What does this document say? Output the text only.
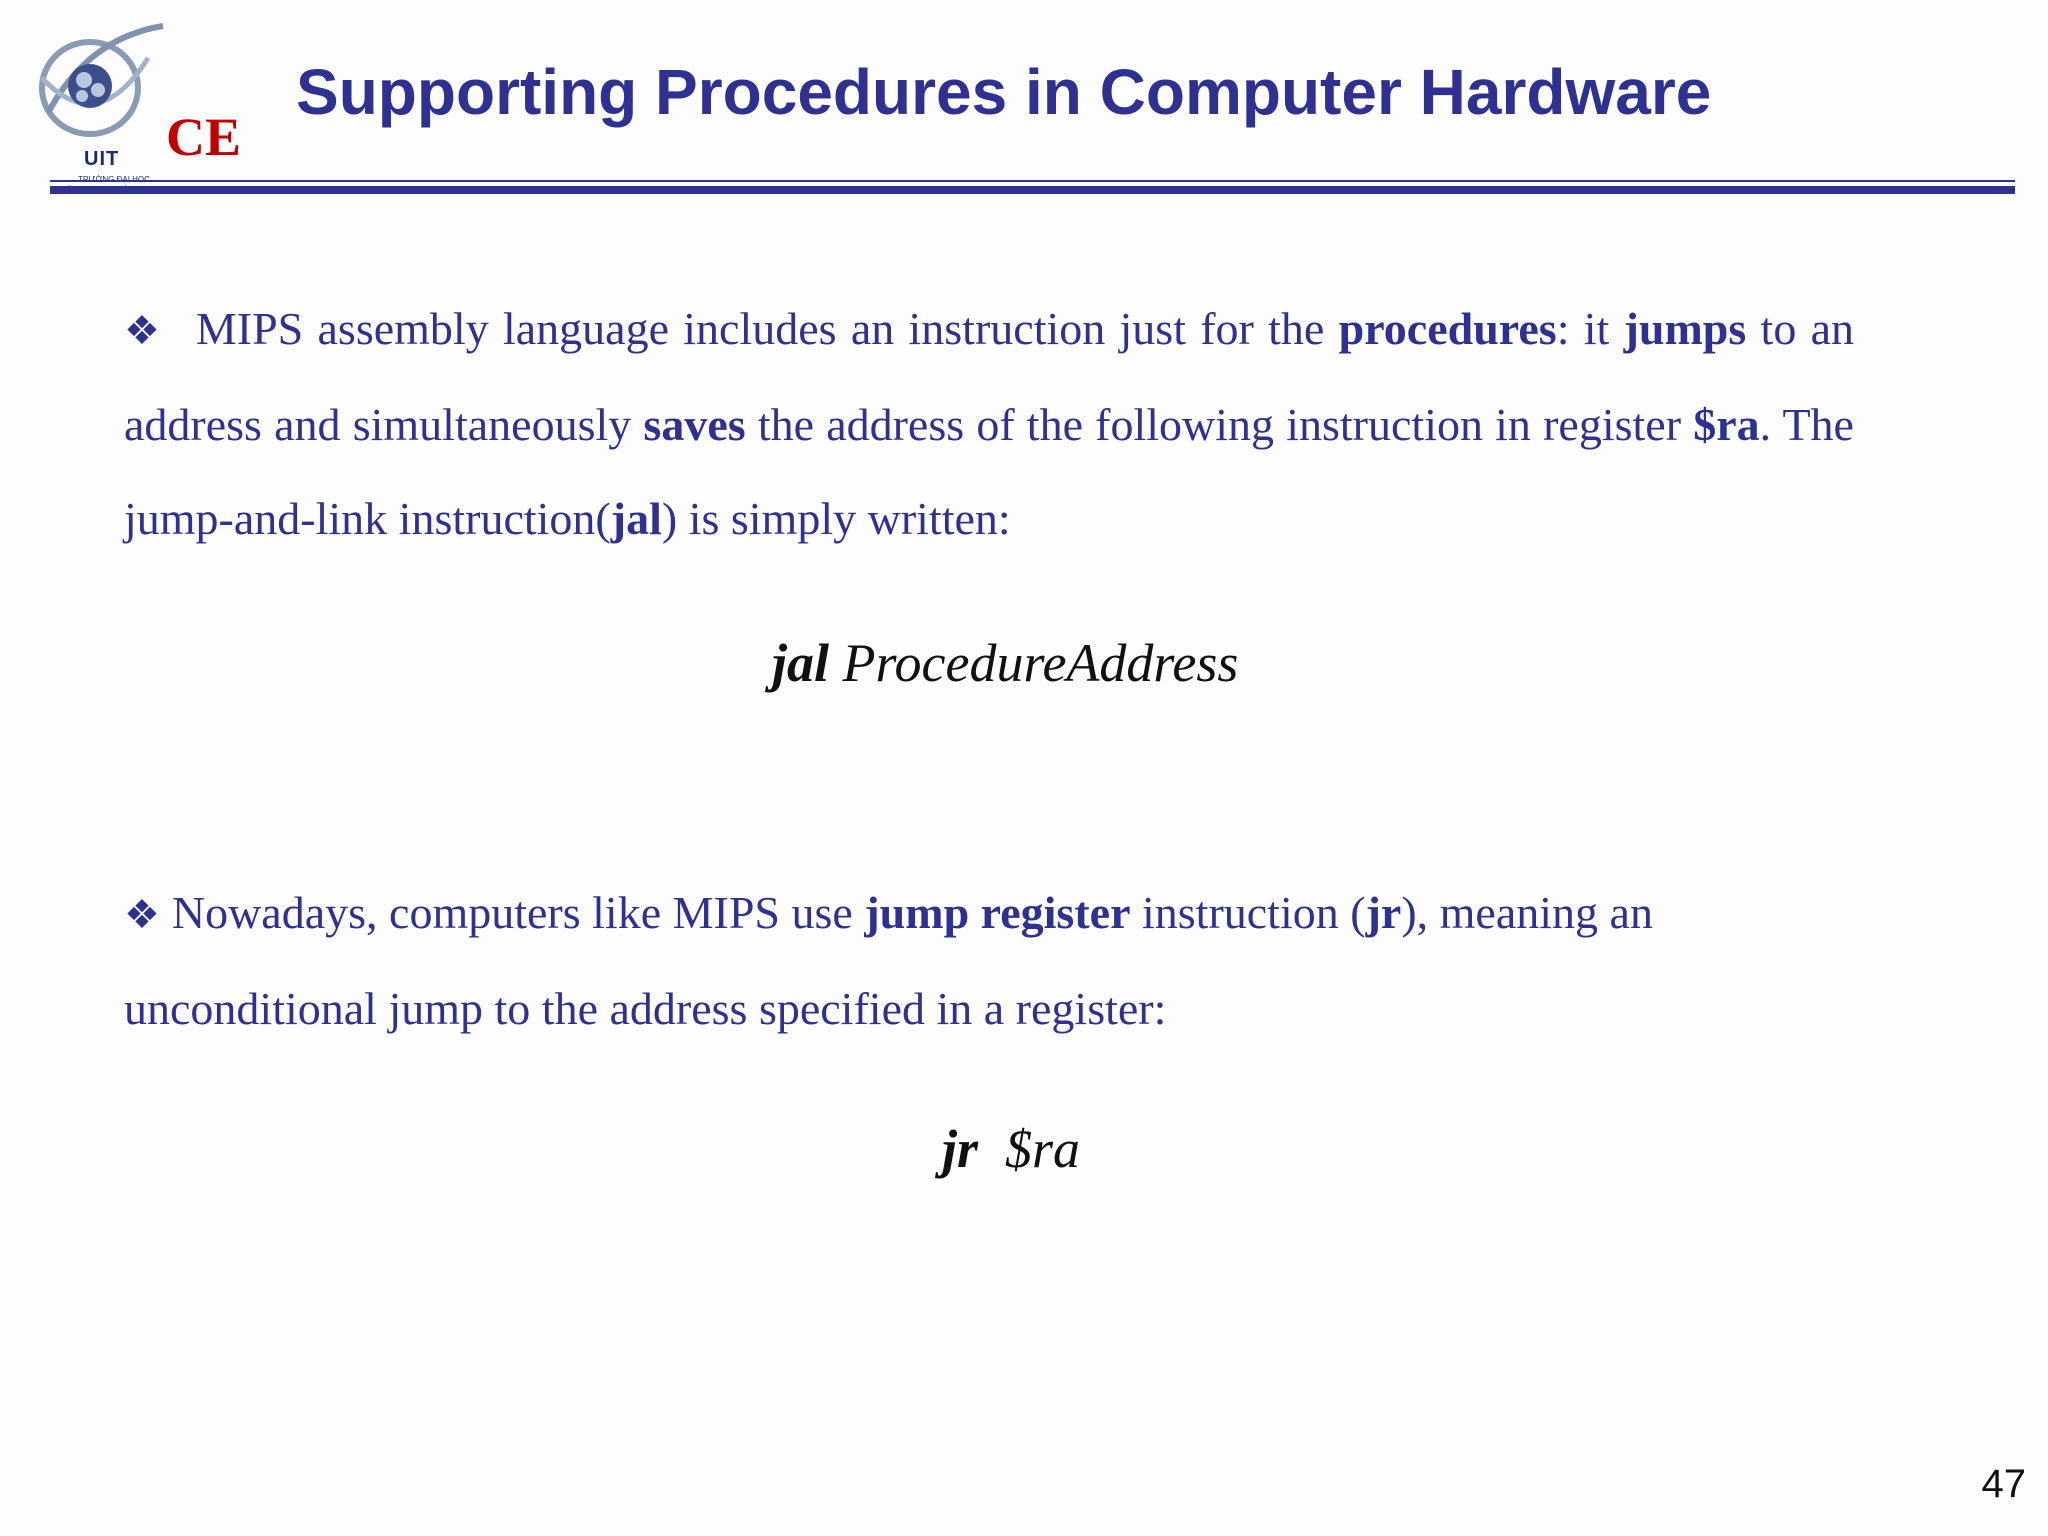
CE
UIT
Supporting Procedures in Computer Hardware
❖ MIPS assembly language includes an instruction just for the procedures: it jumps to an address and simultaneously saves the address of the following instruction in register $ra. The jump-and-link instruction(jal) is simply written:
jal ProcedureAddress
❖ Nowadays, computers like MIPS use jump register instruction (jr), meaning an unconditional jump to the address specified in a register:
jr $ra
47
